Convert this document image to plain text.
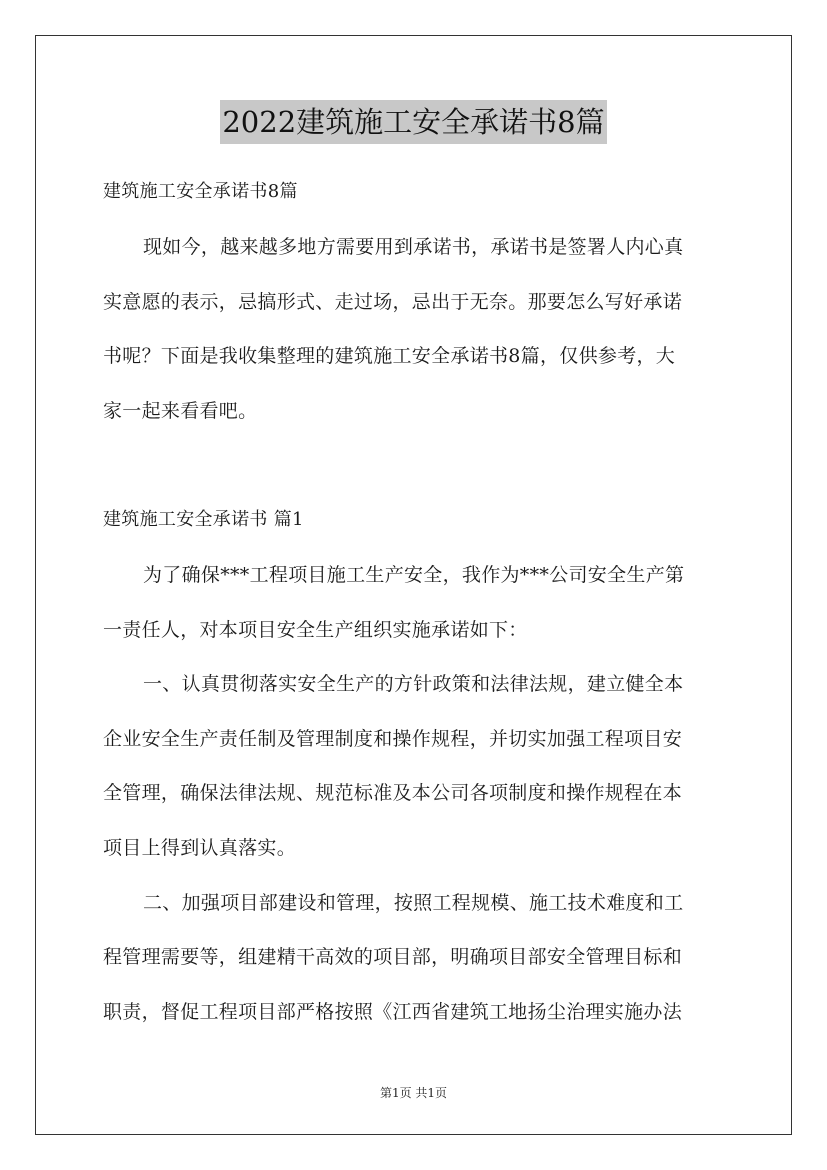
2022建筑施工安全承诺书8篇
建筑施工安全承诺书8篇
现如今，越来越多地方需要用到承诺书，承诺书是签署人内心真
实意愿的表示，忌搞形式、走过场，忌出于无奈。那要怎么写好承诺
书呢？下面是我收集整理的建筑施工安全承诺书8篇，仅供参考，大
家一起来看看吧。
建筑施工安全承诺书 篇1
为了确保***工程项目施工生产安全，我作为***公司安全生产第
一责任人，对本项目安全生产组织实施承诺如下：
一、认真贯彻落实安全生产的方针政策和法律法规，建立健全本
企业安全生产责任制及管理制度和操作规程，并切实加强工程项目安
全管理，确保法律法规、规范标准及本公司各项制度和操作规程在本
项目上得到认真落实。
二、加强项目部建设和管理，按照工程规模、施工技术难度和工
程管理需要等，组建精干高效的项目部，明确项目部安全管理目标和
职责，督促工程项目部严格按照《江西省建筑工地扬尘治理实施办法
第1页 共1页
